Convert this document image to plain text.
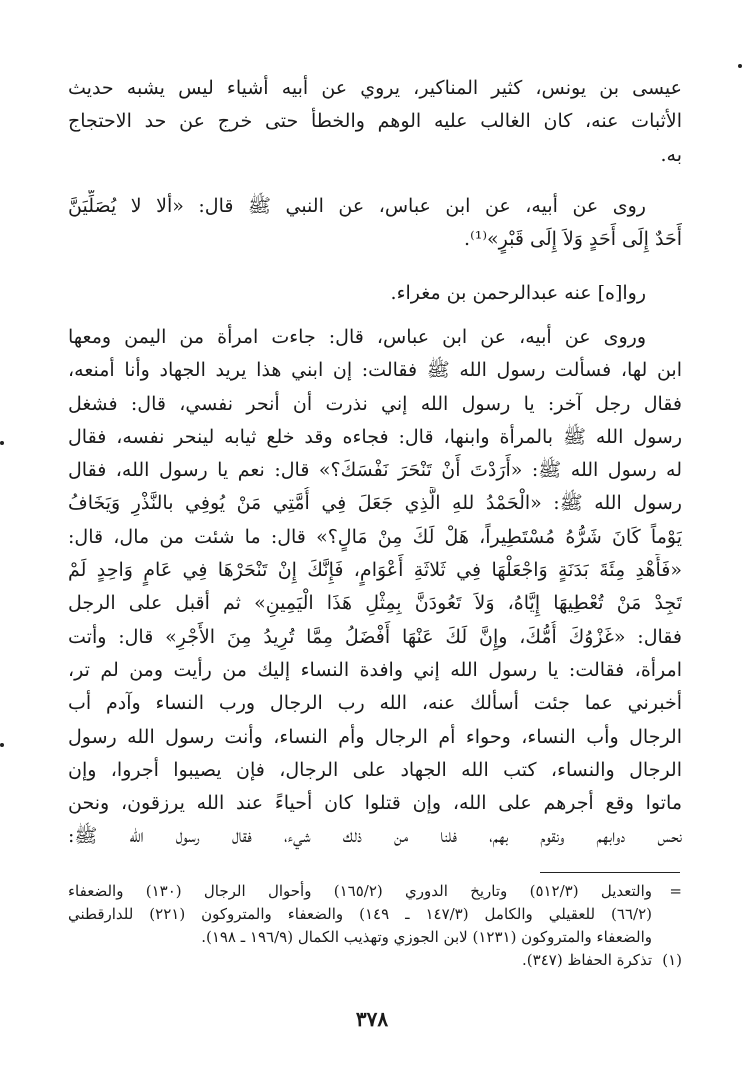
عيسى بن يونس، كثير المناكير، يروي عن أبيه أشياء ليس يشبه حديث
الأثبات عنه، كان الغالب عليه الوهم والخطأ حتى خرج عن حد الاحتجاج
به.
روى عن أبيه، عن ابن عباس، عن النبي ﷺ قال: «ألا لا يُصَلِّيَنَّ
أَحَدٌ إِلَى أَحَدٍ وَلاَ إِلَى قَبْرٍ»⁽¹⁾.
روا[ه] عنه عبدالرحمن بن مغراء.
وروى عن أبيه، عن ابن عباس، قال: جاءت امرأة من اليمن ومعها
ابن لها، فسألت رسول الله ﷺ فقالت: إن ابني هذا يريد الجهاد وأنا أمنعه،
فقال رجل آخر: يا رسول الله إني نذرت أن أنحر نفسي، قال: فشغل
رسول الله ﷺ بالمرأة وابنها، قال: فجاءه وقد خلع ثيابه لينحر نفسه، فقال
له رسول الله ﷺ: «أَرَدْتَ أَنْ تَنْحَرَ نَفْسَكَ؟» قال: نعم يا رسول الله، فقال
رسول الله ﷺ: «الْحَمْدُ للهِ الَّذِي جَعَلَ فِي أُمَّتِي مَنْ يُوفِي بالنَّذْرِ وَيَخَافُ
يَوْماً كَانَ شَرُّهُ مُسْتَطِيراً، هَلْ لَكَ مِنْ مَالٍ؟» قال: ما شئت من مال، قال:
«فَأَهْدِ مِئَةَ بَدَنَةٍ وَاجْعَلْهَا فِي ثَلاثَةِ أَعْوَامٍ، فَإِنَّكَ إِنْ تَنْحَرْهَا فِي عَامٍ وَاحِدٍ لَمْ
تَجِدْ مَنْ تُعْطِيهَا إِيَّاهُ، وَلاَ تَعُودَنَّ بِمِثْلِ هَذَا الْيَمِينِ» ثم أقبل على الرجل
فقال: «غَزْوُكَ أُمُّكَ، وإِنَّ لَكَ عَنْهَا أَفْضَلُ مِمَّا تُرِيدُ مِنَ الأَجْرِ» قال: وأتت
امرأة، فقالت: يا رسول الله إني وافدة النساء إليك من رأيت ومن لم تر،
أخبرني عما جئت أسألك عنه، الله رب الرجال ورب النساء وآدم أب
الرجال وأب النساء، وحواء أم الرجال وأم النساء، وأنت رسول الله رسول
الرجال والنساء، كتب الله الجهاد على الرجال، فإن يصيبوا أجروا، وإن
ماتوا وقع أجرهم على الله، وإن قتلوا كان أحياءً عند الله يرزقون، ونحن
نحس دوابهم ونقوم بهم، فلنا من ذلك شيء، فقال رسول الله ﷺ:
=
والتعديل (٥١٢/٣) وتاريخ الدوري (١٦٥/٢) وأحوال الرجال (١٣٠) والضعفاء
(٦٦/٢) للعقيلي والكامل (١٤٧/٣ ـ ١٤٩) والضعفاء والمتروكون (٢٢١) للدارقطني
والضعفاء والمتروكون (١٢٣١) لابن الجوزي وتهذيب الكمال (١٩٦/٩ ـ ١٩٨).
(١)
تذكرة الحفاظ (٣٤٧).
٣٧٨
